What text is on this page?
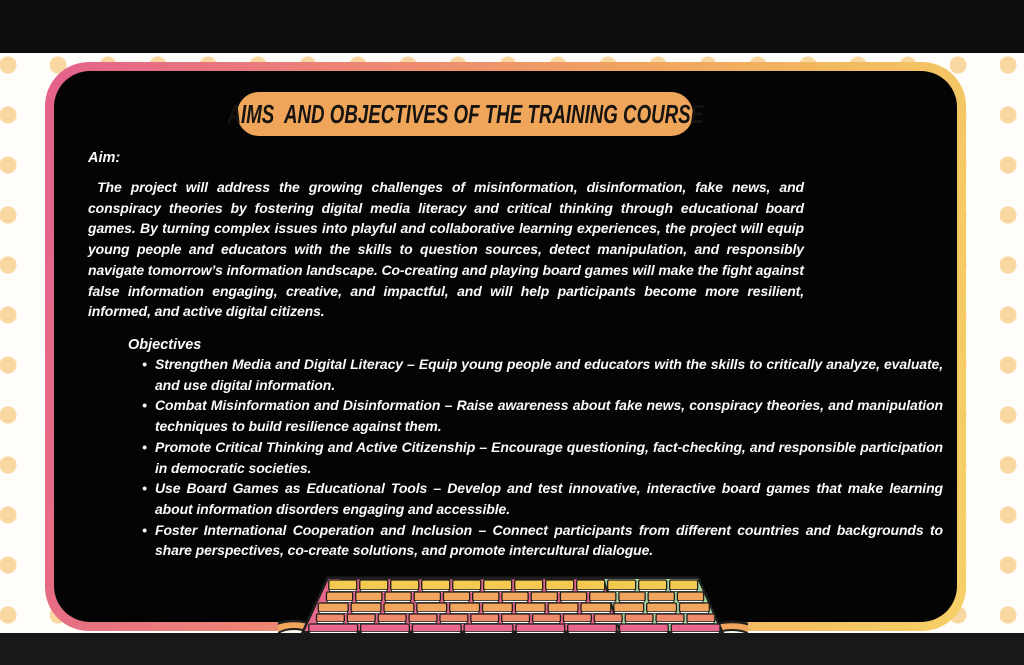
AIMS  AND OBJECTIVES OF THE TRAINING COURSE

Aim:

The project will address the growing challenges of misinformation, disinformation, fake news, and conspiracy theories by fostering digital media literacy and critical thinking through educational board games. By turning complex issues into playful and collaborative learning experiences, the project will equip young people and educators with the skills to question sources, detect manipulation, and responsibly navigate tomorrow’s information landscape. Co-creating and playing board games will make the fight against false information engaging, creative, and impactful, and will help participants become more resilient, informed, and active digital citizens.

Objectives

• Strengthen Media and Digital Literacy – Equip young people and educators with the skills to critically analyze, evaluate, and use digital information.
• Combat Misinformation and Disinformation – Raise awareness about fake news, conspiracy theories, and manipulation techniques to build resilience against them.
• Promote Critical Thinking and Active Citizenship – Encourage questioning, fact-checking, and responsible participation in democratic societies.
• Use Board Games as Educational Tools – Develop and test innovative, interactive board games that make learning about information disorders engaging and accessible.
• Foster International Cooperation and Inclusion – Connect participants from different countries and backgrounds to share perspectives, co-create solutions, and promote intercultural dialogue.
